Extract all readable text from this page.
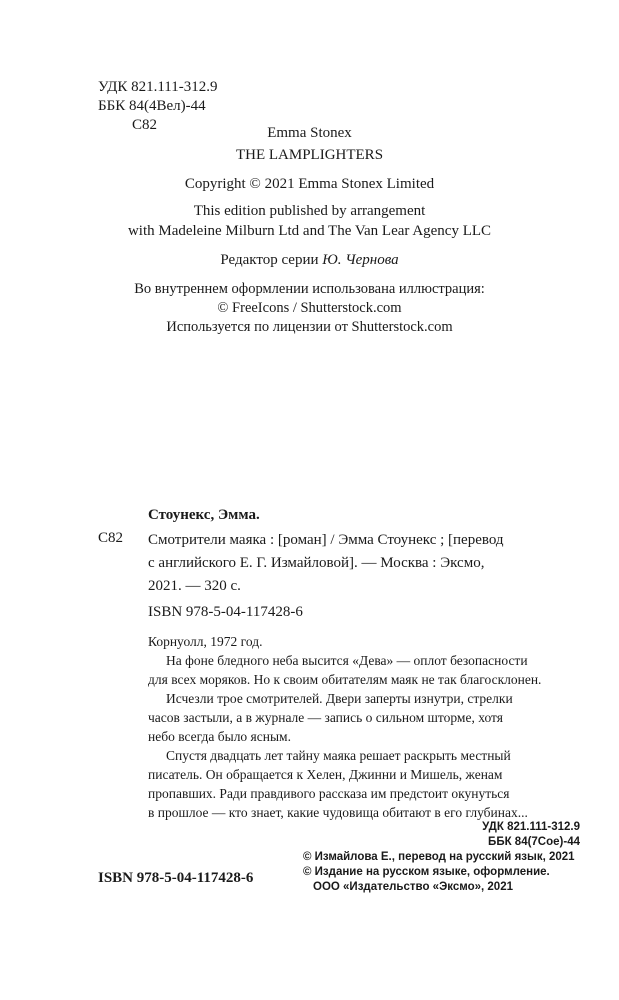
УДК 821.111-312.9
ББК 84(4Вел)-44
С82	Emma Stonex
THE LAMPLIGHTERS
Copyright © 2021 Emma Stonex Limited
This edition published by arrangement
with Madeleine Milburn Ltd and The Van Lear Agency LLC
Редактор серии Ю. Чернова
Во внутреннем оформлении использована иллюстрация:
© FreeIcons / Shutterstock.com
Используется по лицензии от Shutterstock.com
Стоунекс, Эмма.
С82 Смотрители маяка : [роман] / Эмма Стоунекс ; [перевод
с английского Е. Г. Измайловой]. — Москва : Эксмо,
2021. — 320 с.
ISBN 978-5-04-117428-6

Корнуолл, 1972 год.

На фоне бледного неба высится «Дева» — оплот безопасности

для всех моряков. Но к своим обитателям маяк не так благосклонен.

Исчезли трое смотрителей. Двери заперты изнутри, стрелки

часов застыли, а в журнале — запись о сильном шторме, хотя

небо всегда было ясным.

Спустя двадцать лет тайну маяка решает раскрыть местный

писатель. Он обращается к Хелен, Джинни и Мишель, женам

пропавших. Ради правдивого рассказа им предстоит окунуться

в прошлое — кто знает, какие чудовища обитают в его глубинах...

УДК 821.111-312.9
ББК 84(7Сое)-44
ISBN 978-5-04-117428-6
© Измайлова Е., перевод на русский язык, 2021
© Издание на русском языке, оформление.
ООО «Издательство «Эксмо», 2021
